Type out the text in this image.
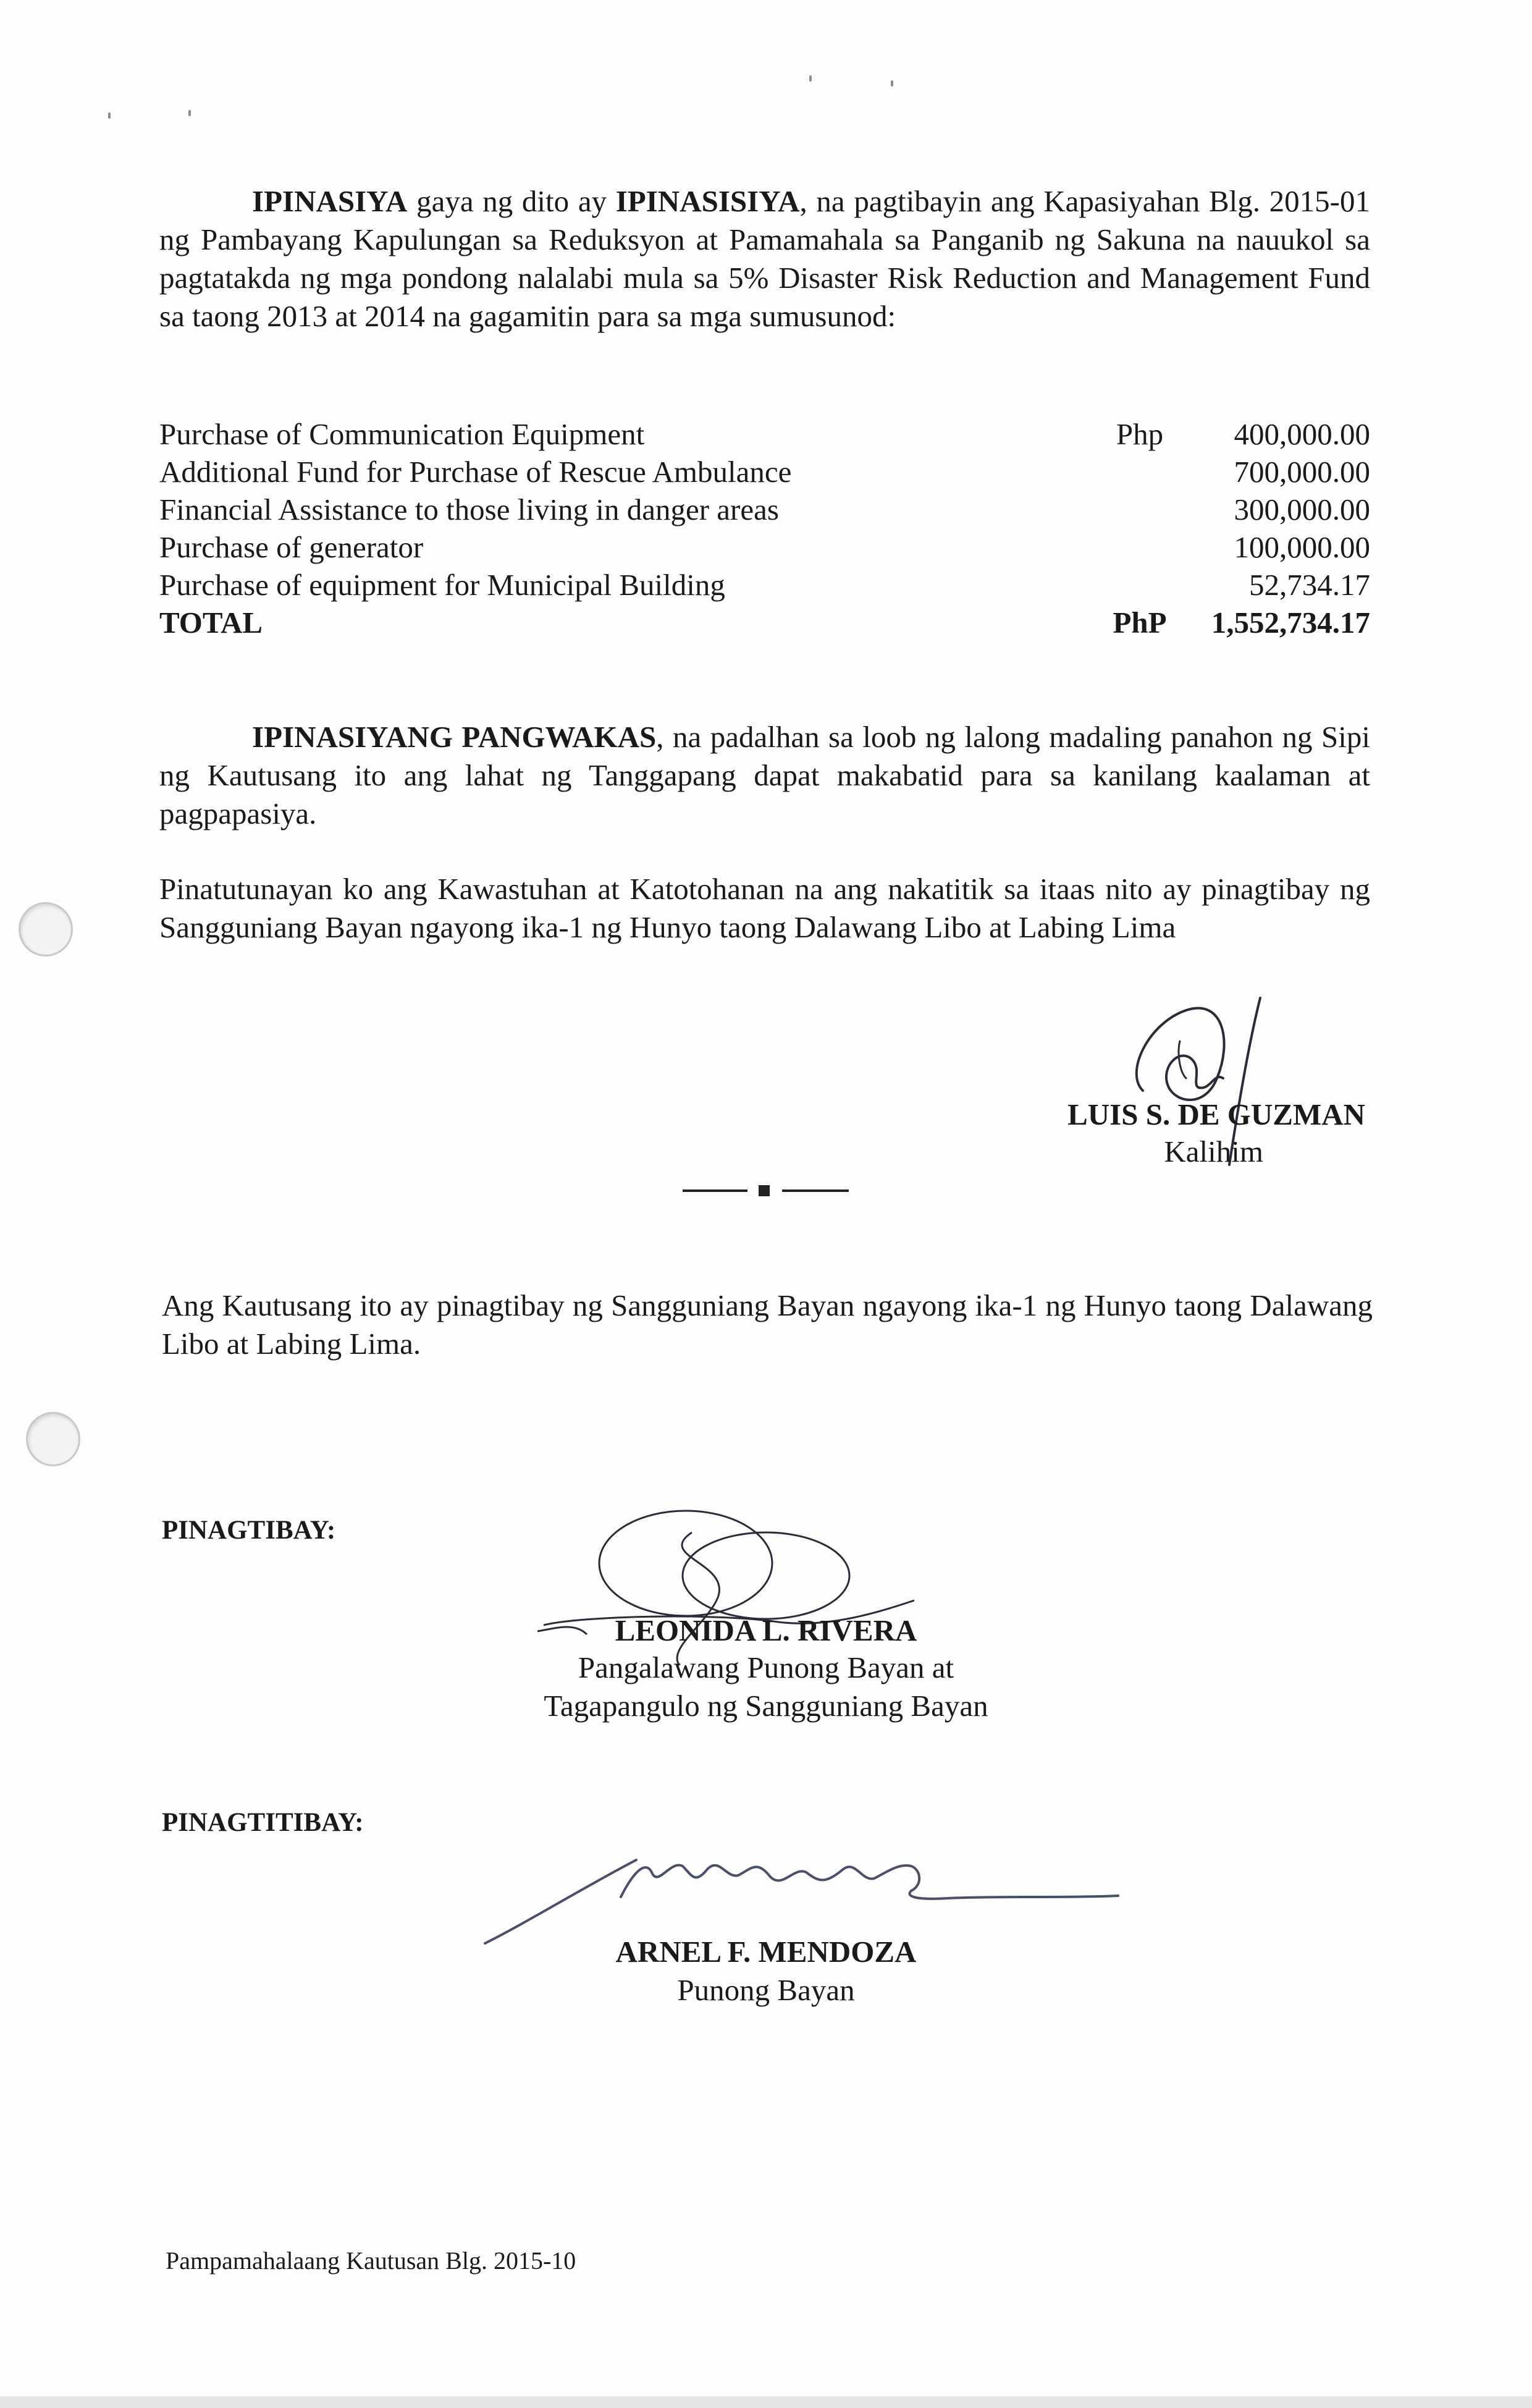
IPINASIYA gaya ng dito ay IPINASISIYA, na pagtibayin ang Kapasiyahan Blg. 2015-01 ng Pambayang Kapulungan sa Reduksyon at Pamamahala sa Panganib ng Sakuna na nauukol sa pagtatakda ng mga pondong nalalabi mula sa 5% Disaster Risk Reduction and Management Fund sa taong 2013 at 2014 na gagamitin para sa mga sumusunod:
Purchase of Communication Equipment	Php	400,000.00
Additional Fund for Purchase of Rescue Ambulance	700,000.00
Financial Assistance to those living in danger areas	300,000.00
Purchase of generator	100,000.00
Purchase of equipment for Municipal Building	52,734.17
TOTAL	PhP	1,552,734.17
IPINASIYANG PANGWAKAS, na padalhan sa loob ng lalong madaling panahon ng Sipi ng Kautusang ito ang lahat ng Tanggapang dapat makabatid para sa kanilang kaalaman at pagpapasiya.
Pinatutunayan ko ang Kawastuhan at Katotohanan na ang nakatitik sa itaas nito ay pinagtibay ng Sangguniang Bayan ngayong ika-1 ng Hunyo taong Dalawang Libo at Labing Lima
LUIS S. DE GUZMAN
Kalihim
Ang Kautusang ito ay pinagtibay ng Sangguniang Bayan ngayong ika-1 ng Hunyo taong Dalawang Libo at Labing Lima.
PINAGTIBAY:
LEONIDA L. RIVERA
Pangalawang Punong Bayan at
Tagapangulo ng Sangguniang Bayan
PINAGTITIBAY:
ARNEL F. MENDOZA
Punong Bayan
Pampamahalaang Kautusan Blg. 2015-10
